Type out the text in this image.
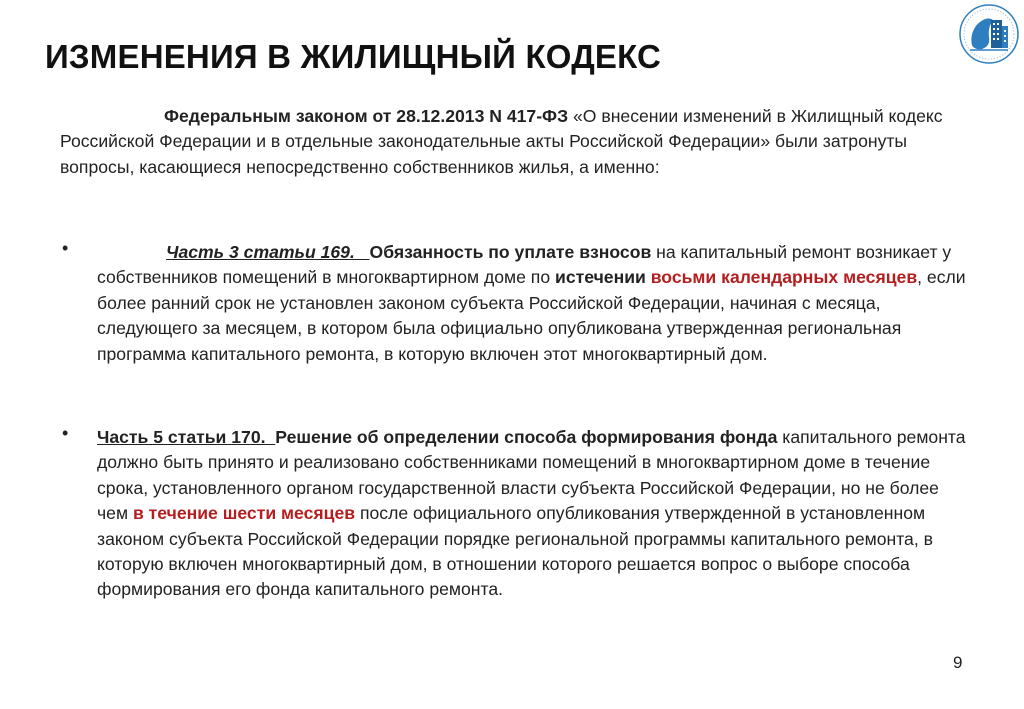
ИЗМЕНЕНИЯ В ЖИЛИЩНЫЙ КОДЕКС
Федеральным законом от 28.12.2013 N 417-ФЗ «О внесении изменений в Жилищный кодекс Российской Федерации и в отдельные законодательные акты Российской Федерации» были затронуты вопросы, касающиеся непосредственно собственников жилья, а именно:
•	Часть 3 статьи 169. Обязанность по уплате взносов на капитальный ремонт возникает у собственников помещений в многоквартирном доме по истечении восьми календарных месяцев, если более ранний срок не установлен законом субъекта Российской Федерации, начиная с месяца, следующего за месяцем, в котором была официально опубликована утвержденная региональная программа капитального ремонта, в которую включен этот многоквартирный дом.
• Часть 5 статьи 170. Решение об определении способа формирования фонда капитального ремонта должно быть принято и реализовано собственниками помещений в многоквартирном доме в течение срока, установленного органом государственной власти субъекта Российской Федерации, но не более чем в течение шести месяцев после официального опубликования утвержденной в установленном законом субъекта Российской Федерации порядке региональной программы капитального ремонта, в которую включен многоквартирный дом, в отношении которого решается вопрос о выборе способа формирования его фонда капитального ремонта.
9
